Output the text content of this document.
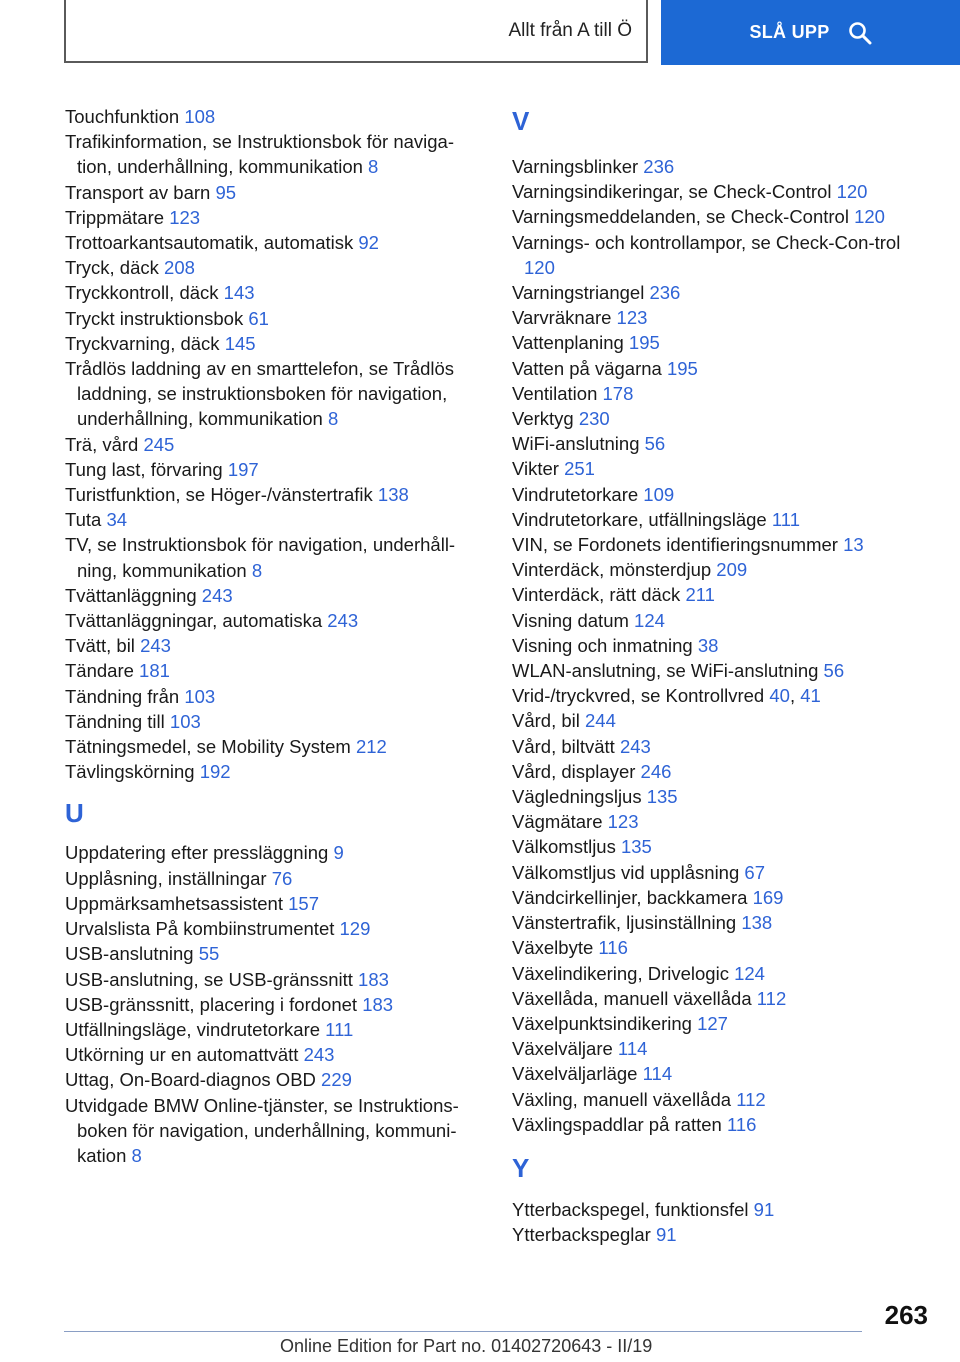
Allt från A till Ö	SLÅ UPP
Touchfunktion 108
Trafikinformation, se Instruktionsbok för naviga‐tion, underhållning, kommunikation 8
Transport av barn 95
Trippmätare 123
Trottoarkantsautomatik, automatisk 92
Tryck, däck 208
Tryckkontroll, däck 143
Tryckt instruktionsbok 61
Tryckvarning, däck 145
Trådlös laddning av en smarttelefon, se Trådlös laddning, se instruktionsboken för navigation, underhållning, kommunikation 8
Trä, vård 245
Tung last, förvaring 197
Turistfunktion, se Höger-/vänstertrafik 138
Tuta 34
TV, se Instruktionsbok för navigation, underhåll‐ning, kommunikation 8
Tvättanläggning 243
Tvättanläggningar, automatiska 243
Tvätt, bil 243
Tändare 181
Tändning från 103
Tändning till 103
Tätningsmedel, se Mobility System 212
Tävlingskörning 192
U
Uppdatering efter pressläggning 9
Upplåsning, inställningar 76
Uppmärksamhetsassistent 157
Urvalslista På kombiinstrumentet 129
USB-anslutning 55
USB-anslutning, se USB-gränssnitt 183
USB-gränssnitt, placering i fordonet 183
Utfällningsläge, vindrutetorkare 111
Utkörning ur en automattvätt 243
Uttag, On-Board-diagnos OBD 229
Utvidgade BMW Online-tjänster, se Instruktions‐boken för navigation, underhållning, kommuni‐kation 8
V
Varningsblinker 236
Varningsindikeringar, se Check-Control 120
Varningsmeddelanden, se Check-Control 120
Varnings- och kontrollampor, se Check-Con‐trol 120
Varningstriangel 236
Varvräknare 123
Vattenplaning 195
Vatten på vägarna 195
Ventilation 178
Verktyg 230
WiFi-anslutning 56
Vikter 251
Vindrutetorkare 109
Vindrutetorkare, utfällningsläge 111
VIN, se Fordonets identifieringsnummer 13
Vinterdäck, mönsterdjup 209
Vinterdäck, rätt däck 211
Visning datum 124
Visning och inmatning 38
WLAN-anslutning, se WiFi-anslutning 56
Vrid-/tryckvred, se Kontrollvred 40, 41
Vård, bil 244
Vård, biltvätt 243
Vård, displayer 246
Vägledningsljus 135
Vägmätare 123
Välkomstljus 135
Välkomstljus vid upplåsning 67
Vändcirkellinjer, backkamera 169
Vänstertrafik, ljusinställning 138
Växelbyte 116
Växelindikering, Drivelogic 124
Växellåda, manuell växellåda 112
Växelpunktsindikering 127
Växelväljare 114
Växelväljarläge 114
Växling, manuell växellåda 112
Växlingspaddlar på ratten 116
Y
Ytterbackspegel, funktionsfel 91
Ytterbackspeglar 91
263
Online Edition for Part no. 01402720643 - II/19
